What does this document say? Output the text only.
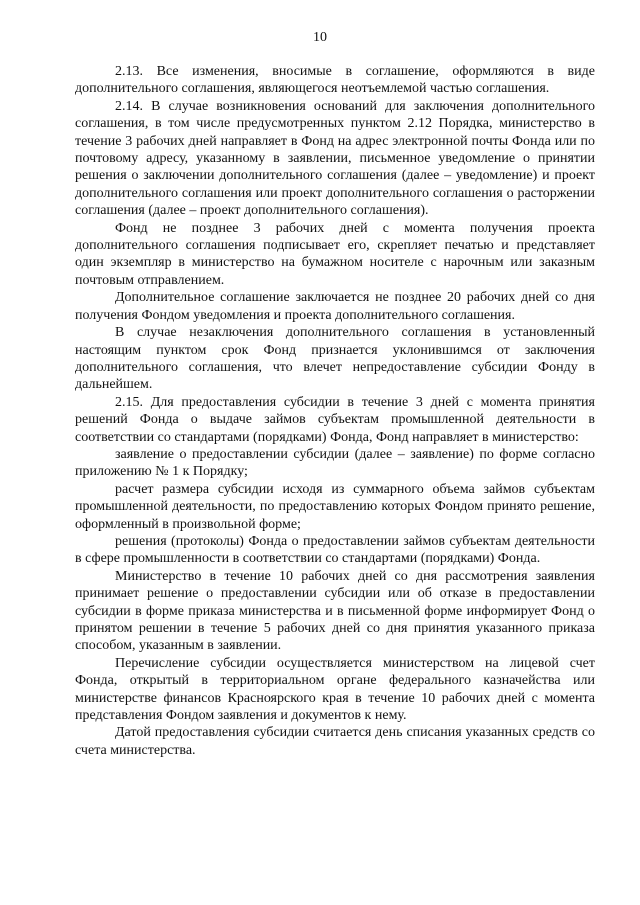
10

2.13. Все изменения, вносимые в соглашение, оформляются в виде дополнительного соглашения, являющегося неотъемлемой частью соглашения.

2.14. В случае возникновения оснований для заключения дополнительного соглашения, в том числе предусмотренных пунктом 2.12 Порядка, министерство в течение 3 рабочих дней направляет в Фонд на адрес электронной почты Фонда или по почтовому адресу, указанному в заявлении, письменное уведомление о принятии решения о заключении дополнительного соглашения (далее – уведомление) и проект дополнительного соглашения или проект дополнительного соглашения о расторжении соглашения (далее – проект дополнительного соглашения).

Фонд не позднее 3 рабочих дней с момента получения проекта дополнительного соглашения подписывает его, скрепляет печатью и представляет один экземпляр в министерство на бумажном носителе с нарочным или заказным почтовым отправлением.

Дополнительное соглашение заключается не позднее 20 рабочих дней со дня получения Фондом уведомления и проекта дополнительного соглашения.

В случае незаключения дополнительного соглашения в установленный настоящим пунктом срок Фонд признается уклонившимся от заключения дополнительного соглашения, что влечет непредоставление субсидии Фонду в дальнейшем.

2.15. Для предоставления субсидии в течение 3 дней с момента принятия решений Фонда о выдаче займов субъектам промышленной деятельности в соответствии со стандартами (порядками) Фонда, Фонд направляет в министерство:

заявление о предоставлении субсидии (далее – заявление) по форме согласно приложению № 1 к Порядку;

расчет размера субсидии исходя из суммарного объема займов субъектам промышленной деятельности, по предоставлению которых Фондом принято решение, оформленный в произвольной форме;

решения (протоколы) Фонда о предоставлении займов субъектам деятельности в сфере промышленности в соответствии со стандартами (порядками) Фонда.

Министерство в течение 10 рабочих дней со дня рассмотрения заявления принимает решение о предоставлении субсидии или об отказе в предоставлении субсидии в форме приказа министерства и в письменной форме информирует Фонд о принятом решении в течение 5 рабочих дней со дня принятия указанного приказа способом, указанным в заявлении.

Перечисление субсидии осуществляется министерством на лицевой счет Фонда, открытый в территориальном органе федерального казначейства или министерстве финансов Красноярского края в течение 10 рабочих дней с момента представления Фондом заявления и документов к нему.

Датой предоставления субсидии считается день списания указанных средств со счета министерства.
